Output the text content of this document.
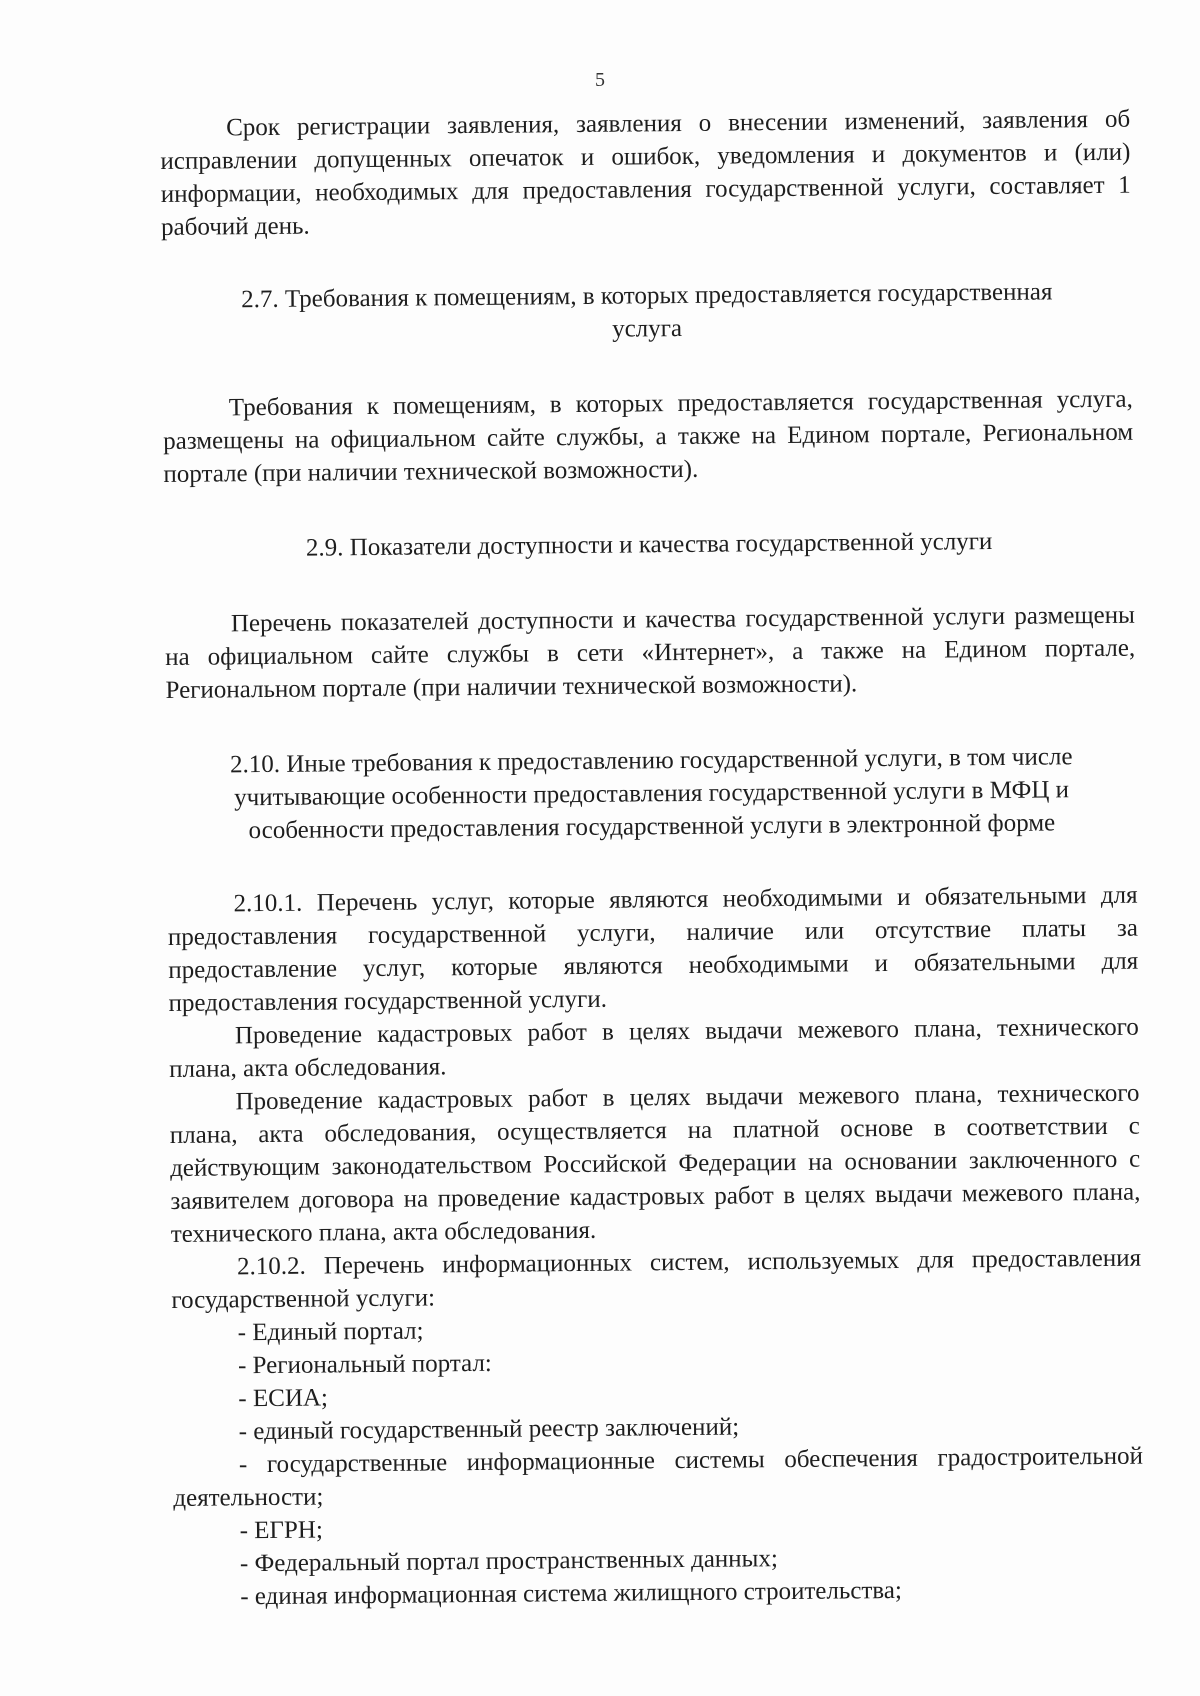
5

Срок регистрации заявления, заявления о внесении изменений, заявления об исправлении допущенных опечаток и ошибок, уведомления и документов и (или) информации, необходимых для предоставления государственной услуги, составляет 1 рабочий день.

2.7. Требования к помещениям, в которых предоставляется государственная услуга

Требования к помещениям, в которых предоставляется государственная услуга, размещены на официальном сайте службы, а также на Едином портале, Региональном портале (при наличии технической возможности).

2.9. Показатели доступности и качества государственной услуги

Перечень показателей доступности и качества государственной услуги размещены на официальном сайте службы в сети «Интернет», а также на Едином портале, Региональном портале (при наличии технической возможности).

2.10. Иные требования к предоставлению государственной услуги, в том числе учитывающие особенности предоставления государственной услуги в МФЦ и особенности предоставления государственной услуги в электронной форме

2.10.1. Перечень услуг, которые являются необходимыми и обязательными для предоставления государственной услуги, наличие или отсутствие платы за предоставление услуг, которые являются необходимыми и обязательными для предоставления государственной услуги.

Проведение кадастровых работ в целях выдачи межевого плана, технического плана, акта обследования.

Проведение кадастровых работ в целях выдачи межевого плана, технического плана, акта обследования, осуществляется на платной основе в соответствии с действующим законодательством Российской Федерации на основании заключенного с заявителем договора на проведение кадастровых работ в целях выдачи межевого плана, технического плана, акта обследования.

2.10.2. Перечень информационных систем, используемых для предоставления государственной услуги:

- Единый портал;
- Региональный портал:
- ЕСИА;
- единый государственный реестр заключений;
- государственные информационные системы обеспечения градостроительной деятельности;
- ЕГРН;
- Федеральный портал пространственных данных;
- единая информационная система жилищного строительства;
